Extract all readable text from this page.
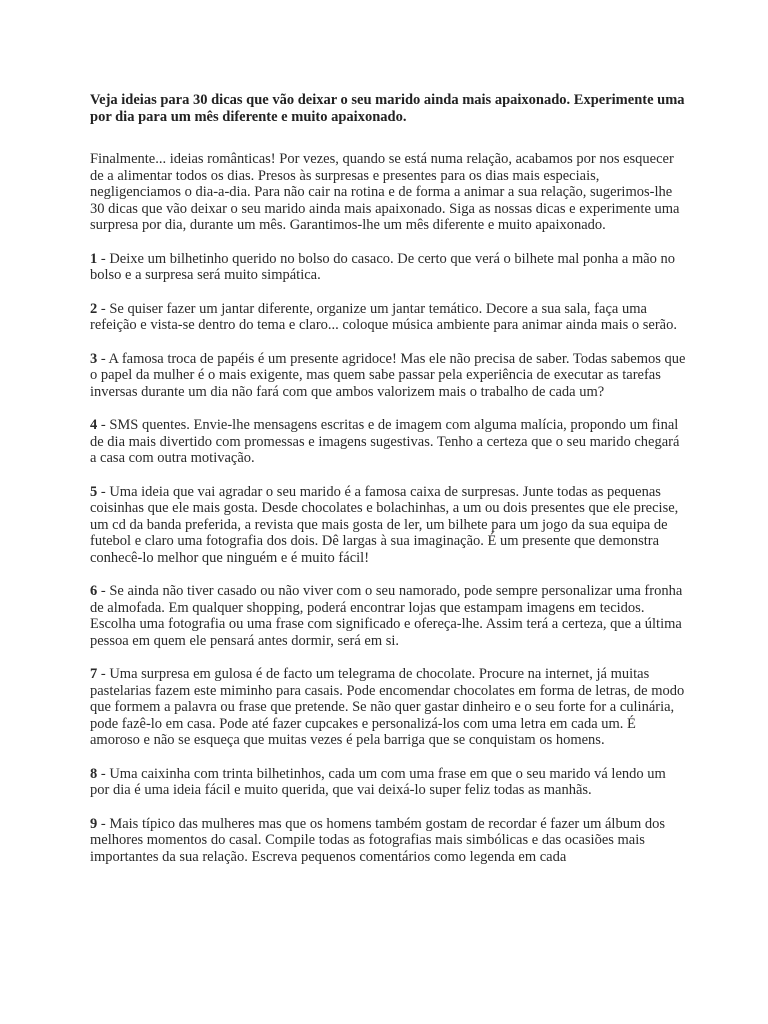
Veja ideias para 30 dicas que vão deixar o seu marido ainda mais apaixonado. Experimente uma por dia para um mês diferente e muito apaixonado.

Finalmente... ideias românticas! Por vezes, quando se está numa relação, acabamos por nos esquecer de a alimentar todos os dias. Presos às surpresas e presentes para os dias mais especiais, negligenciamos o dia-a-dia. Para não cair na rotina e de forma a animar a sua relação, sugerimos-lhe 30 dicas que vão deixar o seu marido ainda mais apaixonado. Siga as nossas dicas e experimente uma surpresa por dia, durante um mês. Garantimos-lhe um mês diferente e muito apaixonado.

1 - Deixe um bilhetinho querido no bolso do casaco. De certo que verá o bilhete mal ponha a mão no bolso e a surpresa será muito simpática.

2 - Se quiser fazer um jantar diferente, organize um jantar temático. Decore a sua sala, faça uma refeição e vista-se dentro do tema e claro... coloque música ambiente para animar ainda mais o serão.

3 - A famosa troca de papéis é um presente agridoce! Mas ele não precisa de saber. Todas sabemos que o papel da mulher é o mais exigente, mas quem sabe passar pela experiência de executar as tarefas inversas durante um dia não fará com que ambos valorizem mais o trabalho de cada um?

4 - SMS quentes. Envie-lhe mensagens escritas e de imagem com alguma malícia, propondo um final de dia mais divertido com promessas e imagens sugestivas. Tenho a certeza que o seu marido chegará a casa com outra motivação.

5 - Uma ideia que vai agradar o seu marido é a famosa caixa de surpresas. Junte todas as pequenas coisinhas que ele mais gosta. Desde chocolates e bolachinhas, a um ou dois presentes que ele precise, um cd da banda preferida, a revista que mais gosta de ler, um bilhete para um jogo da sua equipa de futebol e claro uma fotografia dos dois. Dê largas à sua imaginação. É um presente que demonstra conhecê-lo melhor que ninguém e é muito fácil!

6 - Se ainda não tiver casado ou não viver com o seu namorado, pode sempre personalizar uma fronha de almofada. Em qualquer shopping, poderá encontrar lojas que estampam imagens em tecidos. Escolha uma fotografia ou uma frase com significado e ofereça-lhe. Assim terá a certeza, que a última pessoa em quem ele pensará antes dormir, será em si.

7 - Uma surpresa em gulosa é de facto um telegrama de chocolate. Procure na internet, já muitas pastelarias fazem este miminho para casais. Pode encomendar chocolates em forma de letras, de modo que formem a palavra ou frase que pretende. Se não quer gastar dinheiro e o seu forte for a culinária, pode fazê-lo em casa. Pode até fazer cupcakes e personalizá-los com uma letra em cada um. É amoroso e não se esqueça que muitas vezes é pela barriga que se conquistam os homens.

8 - Uma caixinha com trinta bilhetinhos, cada um com uma frase em que o seu marido vá lendo um por dia é uma ideia fácil e muito querida, que vai deixá-lo super feliz todas as manhãs.

9 - Mais típico das mulheres mas que os homens também gostam de recordar é fazer um álbum dos melhores momentos do casal. Compile todas as fotografias mais simbólicas e das ocasiões mais importantes da sua relação. Escreva pequenos comentários como legenda em cada
